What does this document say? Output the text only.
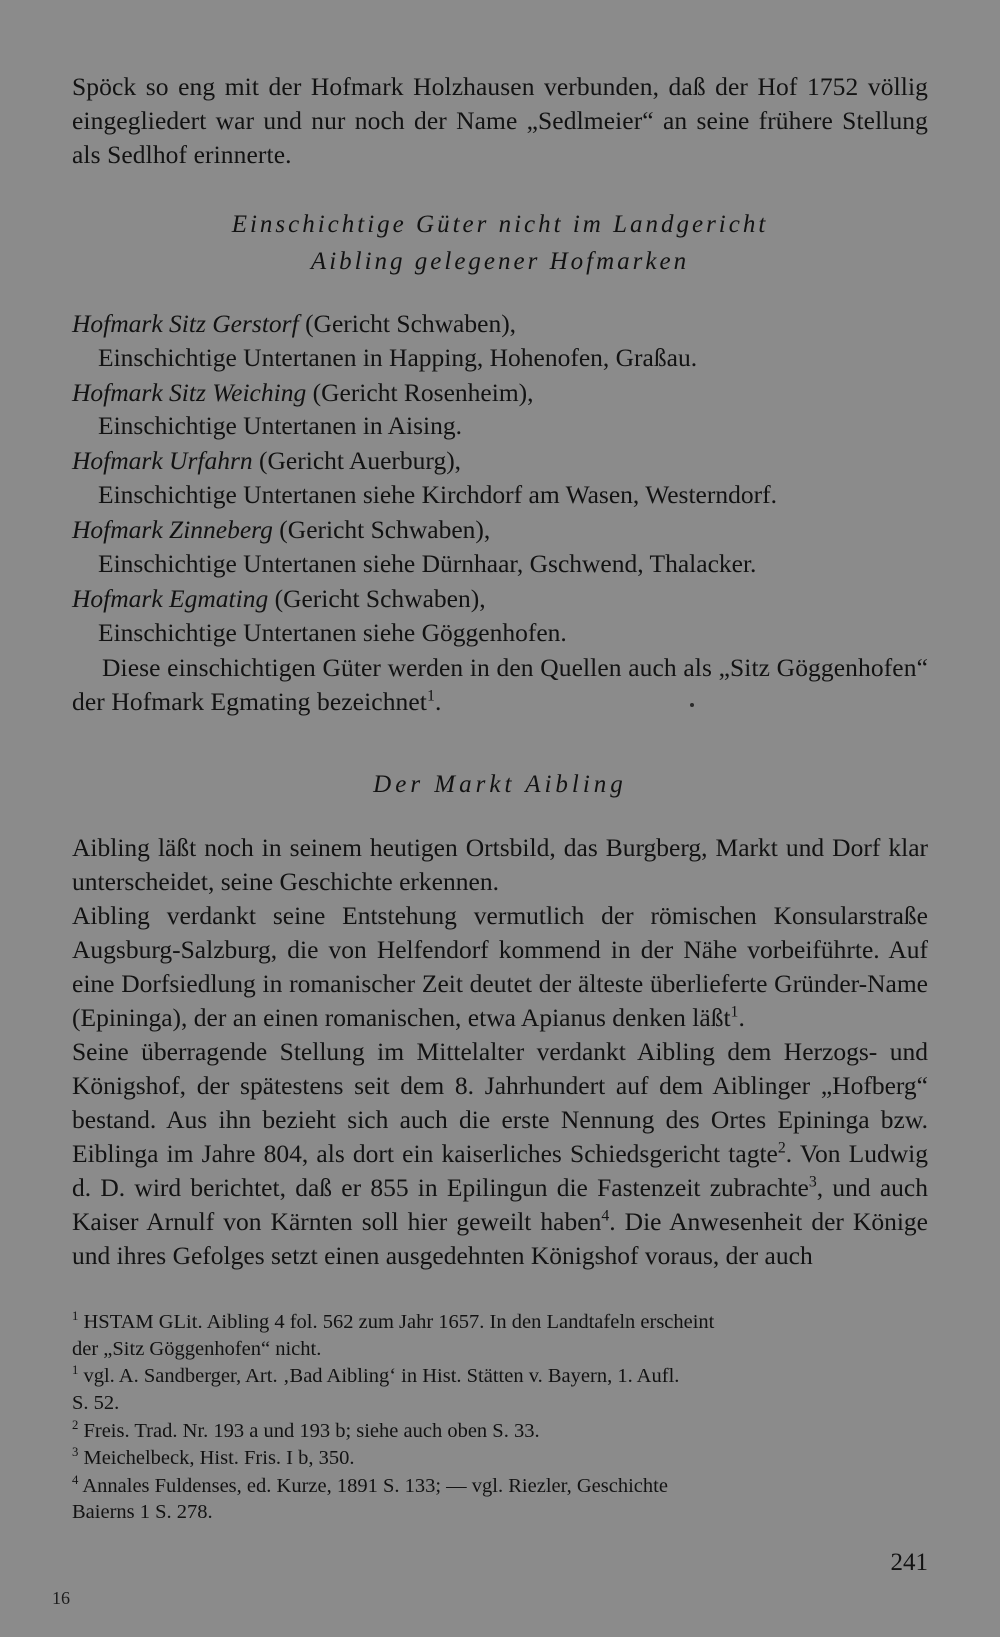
Spöck so eng mit der Hofmark Holzhausen verbunden, daß der Hof 1752 völlig eingegliedert war und nur noch der Name „Sedlmeier“ an seine frühere Stellung als Sedlhof erinnerte.

Einschichtige Güter nicht im Landgericht
Aibling gelegener Hofmarken

Hofmark Sitz Gerstorf (Gericht Schwaben),
Einschichtige Untertanen in Happing, Hohenofen, Graßau.

Hofmark Sitz Weiching (Gericht Rosenheim),
Einschichtige Untertanen in Aising.

Hofmark Urfahrn (Gericht Auerburg),
Einschichtige Untertanen siehe Kirchdorf am Wasen, Westerndorf.

Hofmark Zinneberg (Gericht Schwaben),
Einschichtige Untertanen siehe Dürnhaar, Gschwend, Thalacker.

Hofmark Egmating (Gericht Schwaben),
Einschichtige Untertanen siehe Göggenhofen.

Diese einschichtigen Güter werden in den Quellen auch als „Sitz Göggenhofen“ der Hofmark Egmating bezeichnet$^1$.

Der Markt Aibling

Aibling läßt noch in seinem heutigen Ortsbild, das Burgberg, Markt und Dorf klar unterscheidet, seine Geschichte erkennen.

Aibling verdankt seine Entstehung vermutlich der römischen Konsularstraße Augsburg-Salzburg, die von Helfendorf kommend in der Nähe vorbeiführte. Auf eine Dorfsiedlung in romanischer Zeit deutet der älteste überlieferte Gründer-Name (Epininga), der an einen romanischen, etwa Apianus denken läßt$^1$.

Seine überragende Stellung im Mittelalter verdankt Aibling dem Herzogs- und Königshof, der spätestens seit dem 8. Jahrhundert auf dem Aiblinger „Hofberg“ bestand. Aus ihn bezieht sich auch die erste Nennung des Ortes Epininga bzw. Eiblinga im Jahre 804, als dort ein kaiserliches Schiedsgericht tagte$^2$. Von Ludwig d. D. wird berichtet, daß er 855 in Epilingun die Fastenzeit zubrachte$^3$, und auch Kaiser Arnulf von Kärnten soll hier geweilt haben$^4$. Die Anwesenheit der Könige und ihres Gefolges setzt einen ausgedehnten Königshof voraus, der auch

$^1$ HSTAM GLit. Aibling 4 fol. 562 zum Jahr 1657. In den Landtafeln erscheint
der „Sitz Göggenhofen“ nicht.

$^1$ vgl. A. Sandberger, Art. ‚Bad Aibling‘ in Hist. Stätten v. Bayern, 1. Aufl.
S. 52.

$^2$ Freis. Trad. Nr. 193 a und 193 b; siehe auch oben S. 33.

$^3$ Meichelbeck, Hist. Fris. I b, 350.

$^4$ Annales Fuldenses, ed. Kurze, 1891 S. 133; — vgl. Riezler, Geschichte
Baierns 1 S. 278.

241
16
